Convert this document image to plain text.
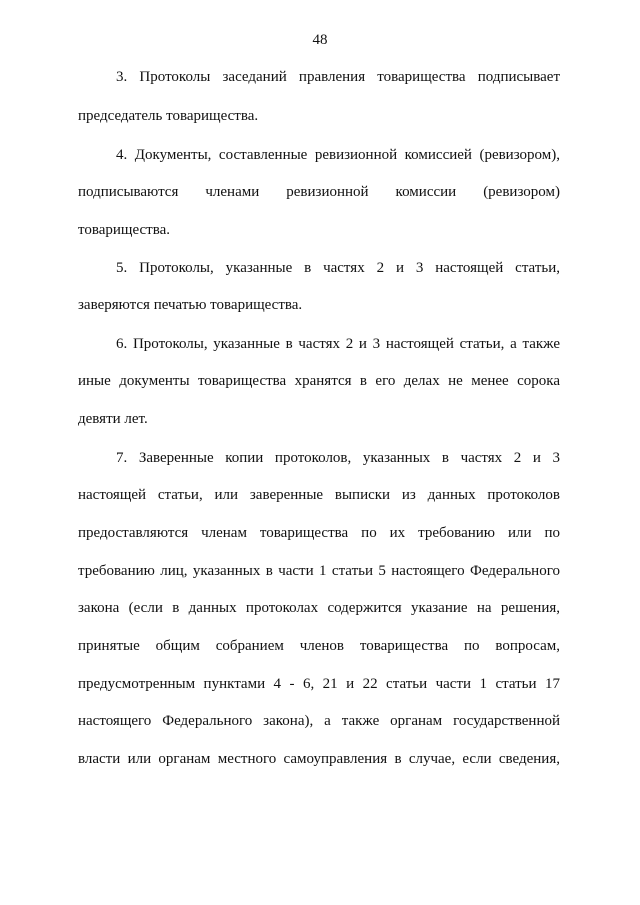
48
3. Протоколы заседаний правления товарищества подписывает
председатель товарищества.
4. Документы, составленные ревизионной комиссией (ревизором),
подписываются членами ревизионной комиссии (ревизором)
товарищества.
5. Протоколы, указанные в частях 2 и 3 настоящей статьи,
заверяются печатью товарищества.
6. Протоколы, указанные в частях 2 и 3 настоящей статьи, а также
иные документы товарищества хранятся в его делах не менее сорока
девяти лет.
7. Заверенные копии протоколов, указанных в частях 2 и 3
настоящей статьи, или заверенные выписки из данных протоколов
предоставляются членам товарищества по их требованию или по
требованию лиц, указанных в части 1 статьи 5 настоящего Федерального
закона (если в данных протоколах содержится указание на решения,
принятые общим собранием членов товарищества по вопросам,
предусмотренным пунктами 4 - 6, 21 и 22 статьи части 1 статьи 17
настоящего Федерального закона), а также органам государственной
власти или органам местного самоуправления в случае, если сведения,
